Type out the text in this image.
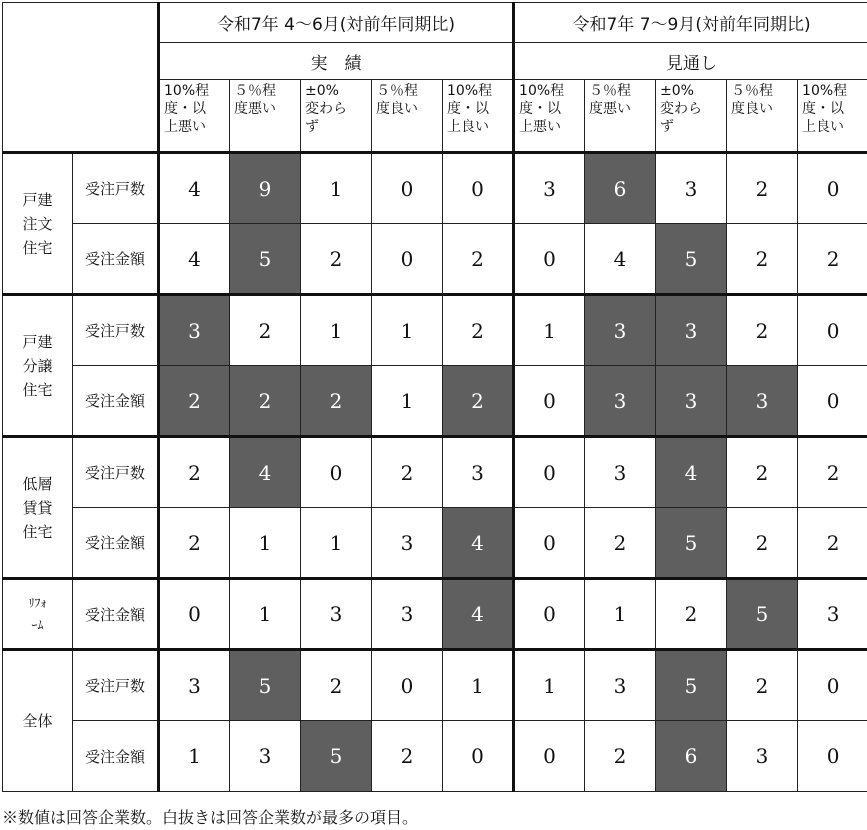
		令和7年 4～6月(対前年同期比)					令和7年 7～9月(対前年同期比)				
		実　績					見通し				

		10%程
度・以
上悪い	５％程
度悪い	±0%
変わら
ず	５％程
度良い	10%程
度・以
上良い	10%程
度・以
上悪い	５％程
度悪い	±0%
変わら
ず	５％程
度良い	10%程
度・以
上良い

戸建
注文
住宅	受注戸数	4	9	1	0	0	3	6	3	2	0
	受注金額	4	5	2	0	2	0	4	5	2	2

戸建
分譲
住宅	受注戸数	3	2	1	1	2	1	3	3	2	0
	受注金額	2	2	2	1	2	0	3	3	3	0

低層
賃貸
住宅	受注戸数	2	4	0	2	3	0	3	4	2	2
	受注金額	2	1	1	3	4	0	2	5	2	2

ﾘﾌｫ
ｰﾑ	受注金額	0	1	3	3	4	0	1	2	5	3

全体	受注戸数	3	5	2	0	1	1	3	5	2	0
	受注金額	1	3	5	2	0	0	2	6	3	0
※数値は回答企業数。白抜きは回答企業数が最多の項目。
